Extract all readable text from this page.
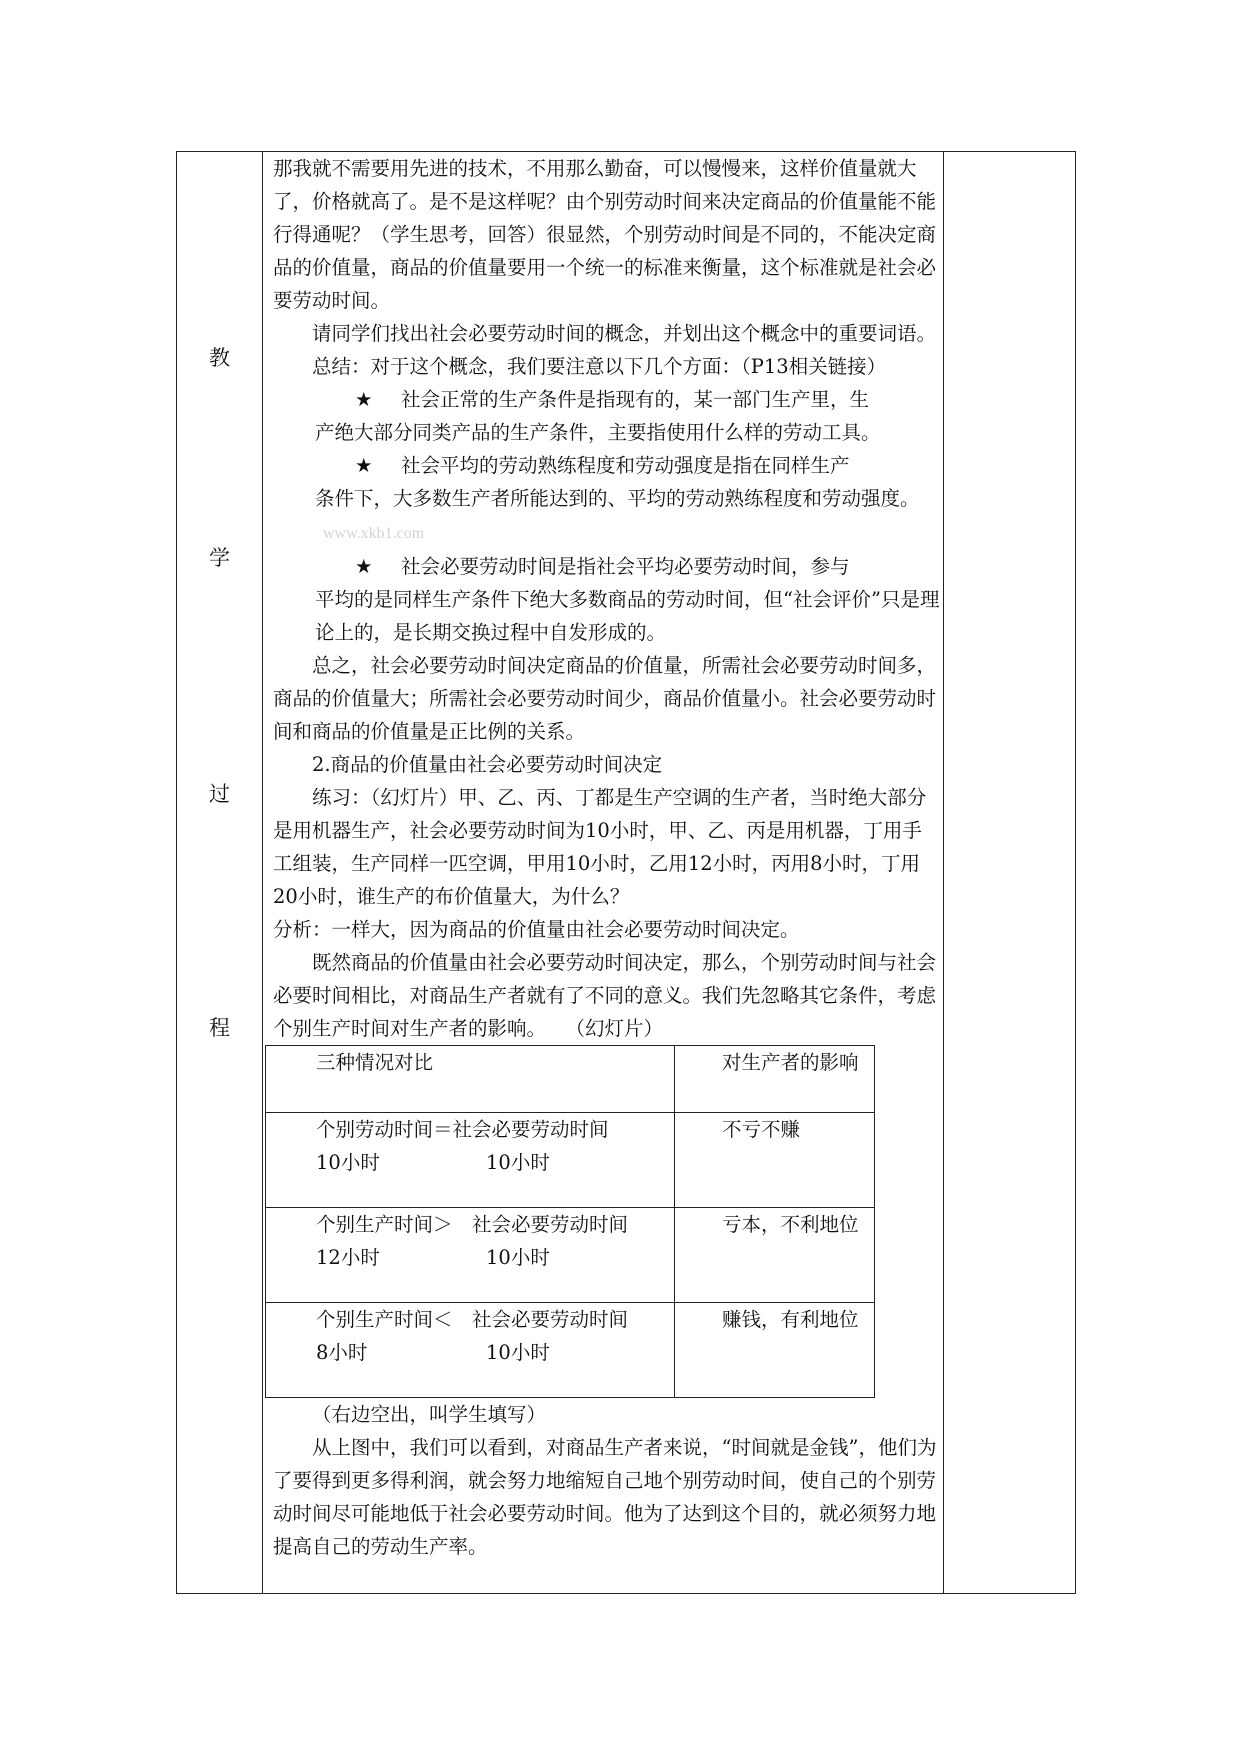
教
学
过
程

那我就不需要用先进的技术，不用那么勤奋，可以慢慢来，这样价值量就大了，价格就高了。是不是这样呢？由个别劳动时间来决定商品的价值量能不能行得通呢？（学生思考，回答）很显然，个别劳动时间是不同的，不能决定商品的价值量，商品的价值量要用一个统一的标准来衡量，这个标准就是社会必要劳动时间。

请同学们找出社会必要劳动时间的概念，并划出这个概念中的重要词语。

总结：对于这个概念，我们要注意以下几个方面：（P13相关链接）

★ 社会正常的生产条件是指现有的，某一部门生产里，生

产绝大部分同类产品的生产条件，主要指使用什么样的劳动工具。

★ 社会平均的劳动熟练程度和劳动强度是指在同样生产

条件下，大多数生产者所能达到的、平均的劳动熟练程度和劳动强度。www.xkb1.com

★ 社会必要劳动时间是指社会平均必要劳动时间，参与

平均的是同样生产条件下绝大多数商品的劳动时间，但“社会评价”只是理论上的，是长期交换过程中自发形成的。

总之，社会必要劳动时间决定商品的价值量，所需社会必要劳动时间多，商品的价值量大；所需社会必要劳动时间少，商品价值量小。社会必要劳动时间和商品的价值量是正比例的关系。

2.商品的价值量由社会必要劳动时间决定

练习：（幻灯片）甲、乙、丙、丁都是生产空调的生产者，当时绝大部分是用机器生产，社会必要劳动时间为10小时，甲、乙、丙是用机器，丁用手工组装，生产同样一匹空调，甲用10小时，乙用12小时，丙用8小时，丁用20小时，谁生产的布价值量大，为什么？

分析：一样大，因为商品的价值量由社会必要劳动时间决定。

既然商品的价值量由社会必要劳动时间决定，那么，个别劳动时间与社会必要时间相比，对商品生产者就有了不同的意义。我们先忽略其它条件，考虑个别生产时间对生产者的影响。　　（幻灯片）

三种情况对比	对生产者的影响

个别劳动时间＝社会必要劳动时间
10小时 10小时	不亏不赚

个别生产时间＞　社会必要劳动时间
12小时 10小时	亏本，不利地位

个别生产时间＜　社会必要劳动时间
8小时 10小时	赚钱，有利地位

（右边空出，叫学生填写）

从上图中，我们可以看到，对商品生产者来说，“时间就是金钱”，他们为了要得到更多得利润，就会努力地缩短自己地个别劳动时间，使自己的个别劳动时间尽可能地低于社会必要劳动时间。他为了达到这个目的，就必须努力地提高自己的劳动生产率。
